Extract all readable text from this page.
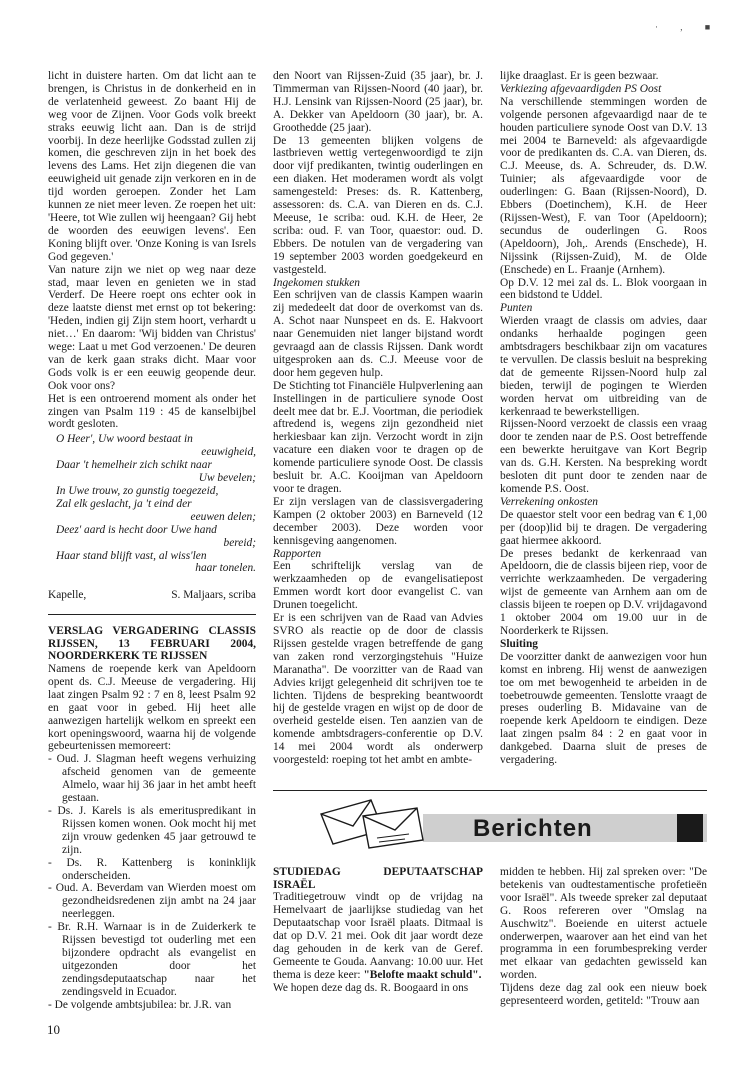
· , ■

licht in duistere harten. Om dat licht aan te brengen, is Christus in de donkerheid en in de verlatenheid geweest. Zo baant Hij de weg voor de Zijnen. Voor Gods volk breekt straks eeuwig licht aan. Dan is de strijd voorbij. In deze heerlijke Godsstad zullen zij komen, die geschreven zijn in het boek des levens des Lams. Het zijn diegenen die van eeuwigheid uit genade zijn verkoren en in de tijd worden geroepen. Zonder het Lam kunnen ze niet meer leven. Ze roepen het uit: 'Heere, tot Wie zullen wij heengaan? Gij hebt de woorden des eeuwigen levens'. Een Koning blijft over. 'Onze Koning is van Isrels God gegeven.'

Van nature zijn we niet op weg naar deze stad, maar leven en genieten we in stad Verderf. De Heere roept ons echter ook in deze laatste dienst met ernst op tot bekering: 'Heden, indien gij Zijn stem hoort, verhardt u niet…' En daarom: 'Wij bidden van Christus' wege: Laat u met God verzoenen.' De deuren van de kerk gaan straks dicht. Maar voor Gods volk is er een eeuwig geopende deur. Ook voor ons?

Het is een ontroerend moment als onder het zingen van Psalm 119 : 45 de kanselbijbel wordt gesloten.

O Heer', Uw woord bestaat in
eeuwigheid,
Daar 't hemelheir zich schikt naar
Uw bevelen;
In Uwe trouw, zo gunstig toegezeid,
Zal elk geslacht, ja 't eind der
eeuwen delen;
Deez' aard is hecht door Uwe hand
bereid;
Haar stand blijft vast, al wiss'len
haar tonelen.
Kapelle,	S. Maljaars, scriba

VERSLAG VERGADERING CLASSIS RIJSSEN, 13 FEBRUARI 2004, NOORDERKERK TE RIJSSEN

Namens de roepende kerk van Apeldoorn opent ds. C.J. Meeuse de vergadering. Hij laat zingen Psalm 92 : 7 en 8, leest Psalm 92 en gaat voor in gebed. Hij heet alle aanwezigen hartelijk welkom en spreekt een kort openingswoord, waarna hij de volgende gebeurtenissen memoreert:

- Oud. J. Slagman heeft wegens verhuizing afscheid genomen van de gemeente Almelo, waar hij 36 jaar in het ambt heeft gestaan.
- Ds. J. Karels is als emerituspredikant in Rijssen komen wonen. Ook mocht hij met zijn vrouw gedenken 45 jaar getrouwd te zijn.
- Ds. R. Kattenberg is koninklijk onderscheiden.
- Oud. A. Beverdam van Wierden moest om gezondheidsredenen zijn ambt na 24 jaar neerleggen.
- Br. R.H. Warnaar is in de Zuiderkerk te Rijssen bevestigd tot ouderling met een bijzondere opdracht als evangelist en uitgezonden door het zendingsdeputaatschap naar het zendingsveld in Ecuador.
- De volgende ambtsjubilea: br. J.R. van

den Noort van Rijssen-Zuid (35 jaar), br. J. Timmerman van Rijssen-Noord (40 jaar), br. H.J. Lensink van Rijssen-Noord (25 jaar), br. A. Dekker van Apeldoorn (30 jaar), br. A. Groothedde (25 jaar).

De 13 gemeenten blijken volgens de lastbrieven wettig vertegenwoordigd te zijn door vijf predikanten, twintig ouderlingen en een diaken. Het moderamen wordt als volgt samengesteld: Preses: ds. R. Kattenberg, assessoren: ds. C.A. van Dieren en ds. C.J. Meeuse, 1e scriba: oud. K.H. de Heer, 2e scriba: oud. F. van Toor, quaestor: oud. D. Ebbers. De notulen van de vergadering van 19 september 2003 worden goedgekeurd en vastgesteld.

Ingekomen stukken

Een schrijven van de classis Kampen waarin zij mededeelt dat door de overkomst van ds. A. Schot naar Nunspeet en ds. E. Hakvoort naar Genemuiden niet langer bijstand wordt gevraagd aan de classis Rijssen. Dank wordt uitgesproken aan ds. C.J. Meeuse voor de door hem gegeven hulp.

De Stichting tot Financiële Hulpverlening aan Instellingen in de particuliere synode Oost deelt mee dat br. E.J. Voortman, die periodiek aftredend is, wegens zijn gezondheid niet herkiesbaar kan zijn. Verzocht wordt in zijn vacature een diaken voor te dragen op de komende particuliere synode Oost. De classis besluit br. A.C. Kooijman van Apeldoorn voor te dragen.

Er zijn verslagen van de classisvergadering Kampen (2 oktober 2003) en Barneveld (12 december 2003). Deze worden voor kennisgeving aangenomen.

Rapporten

Een schriftelijk verslag van de werkzaamheden op de evangelisatiepost Emmen wordt kort door evangelist C. van Drunen toegelicht.

Er is een schrijven van de Raad van Advies SVRO als reactie op de door de classis Rijssen gestelde vragen betreffende de gang van zaken rond verzorgingstehuis "Huize Maranatha". De voorzitter van de Raad van Advies krijgt gelegenheid dit schrijven toe te lichten. Tijdens de bespreking beantwoordt hij de gestelde vragen en wijst op de door de overheid gestelde eisen. Ten aanzien van de komende ambtsdragers-conferentie op D.V. 14 mei 2004 wordt als onderwerp voorgesteld: roeping tot het ambt en ambte-

lijke draaglast. Er is geen bezwaar.

Verkiezing afgevaardigden PS Oost

Na verschillende stemmingen worden de volgende personen afgevaardigd naar de te houden particuliere synode Oost van D.V. 13 mei 2004 te Barneveld: als afgevaardigde voor de predikanten ds. C.A. van Dieren, ds. C.J. Meeuse, ds. A. Schreuder, ds. D.W. Tuinier; als afgevaardigde voor de ouderlingen: G. Baan (Rijssen-Noord), D. Ebbers (Doetinchem), K.H. de Heer (Rijssen-West), F. van Toor (Apeldoorn); secundus de ouderlingen G. Roos (Apeldoorn), Joh,. Arends (Enschede), H. Nijssink (Rijssen-Zuid), M. de Olde (Enschede) en L. Fraanje (Arnhem).

Op D.V. 12 mei zal ds. L. Blok voorgaan in een bidstond te Uddel.

Punten

Wierden vraagt de classis om advies, daar ondanks herhaalde pogingen geen ambtsdragers beschikbaar zijn om vacatures te vervullen. De classis besluit na bespreking dat de gemeente Rijssen-Noord hulp zal bieden, terwijl de pogingen te Wierden worden hervat om uitbreiding van de kerkenraad te bewerkstelligen.

Rijssen-Noord verzoekt de classis een vraag door te zenden naar de P.S. Oost betreffende een bewerkte heruitgave van Kort Begrip van ds. G.H. Kersten. Na bespreking wordt besloten dit punt door te zenden naar de komende P.S. Oost.

Verrekening onkosten

De quaestor stelt voor een bedrag van € 1,00 per (doop)lid bij te dragen. De vergadering gaat hiermee akkoord.

De preses bedankt de kerkenraad van Apeldoorn, die de classis bijeen riep, voor de verrichte werkzaamheden. De vergadering wijst de gemeente van Arnhem aan om de classis bijeen te roepen op D.V. vrijdagavond 1 oktober 2004 om 19.00 uur in de Noorderkerk te Rijssen.

Sluiting

De voorzitter dankt de aanwezigen voor hun komst en inbreng. Hij wenst de aanwezigen toe om met bewogenheid te arbeiden in de toebetrouwde gemeenten. Tenslotte vraagt de preses ouderling B. Midavaine van de roepende kerk Apeldoorn te eindigen. Deze laat zingen psalm 84 : 2 en gaat voor in dankgebed. Daarna sluit de preses de vergadering.

Berichten

STUDIEDAG DEPUTAATSCHAP ISRAËL

Traditiegetrouw vindt op de vrijdag na Hemelvaart de jaarlijkse studiedag van het Deputaatschap voor Israël plaats. Ditmaal is dat op D.V. 21 mei. Ook dit jaar wordt deze dag gehouden in de kerk van de Geref. Gemeente te Gouda. Aanvang: 10.00 uur. Het thema is deze keer: "Belofte maakt schuld".

We hopen deze dag ds. R. Boogaard in ons

midden te hebben. Hij zal spreken over: "De betekenis van oudtestamentische profetieën voor Israël". Als tweede spreker zal deputaat G. Roos refereren over "Omslag na Auschwitz". Boeiende en uiterst actuele onderwerpen, waarover aan het eind van het programma in een forumbespreking verder met elkaar van gedachten gewisseld kan worden.

Tijdens deze dag zal ook een nieuw boek gepresenteerd worden, getiteld: "Trouw aan

10
